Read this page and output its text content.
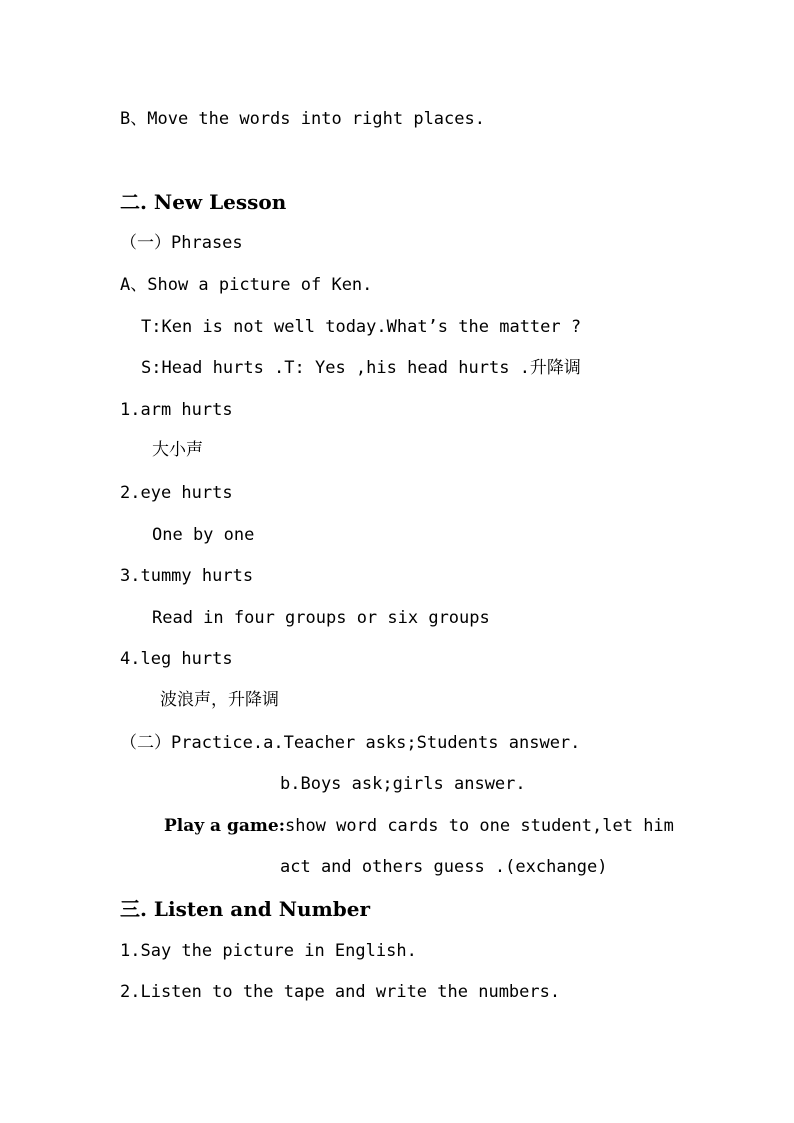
B、Move the words into right places.
二. New Lesson
（一）Phrases
A、Show a picture of Ken.
T:Ken is not well today.What’s the matter ?
S:Head hurts .T: Yes ,his head hurts .升降调
1.arm hurts
大小声
2.eye hurts
One by one
3.tummy hurts
Read in four groups or six groups
4.leg hurts
波浪声，升降调
（二）Practice.a.Teacher asks;Students answer.
b.Boys ask;girls answer.
Play a game:show word cards to one student,let him
act and others guess .(exchange)
三. Listen and Number
1.Say the picture in English.
2.Listen to the tape and write the numbers.
